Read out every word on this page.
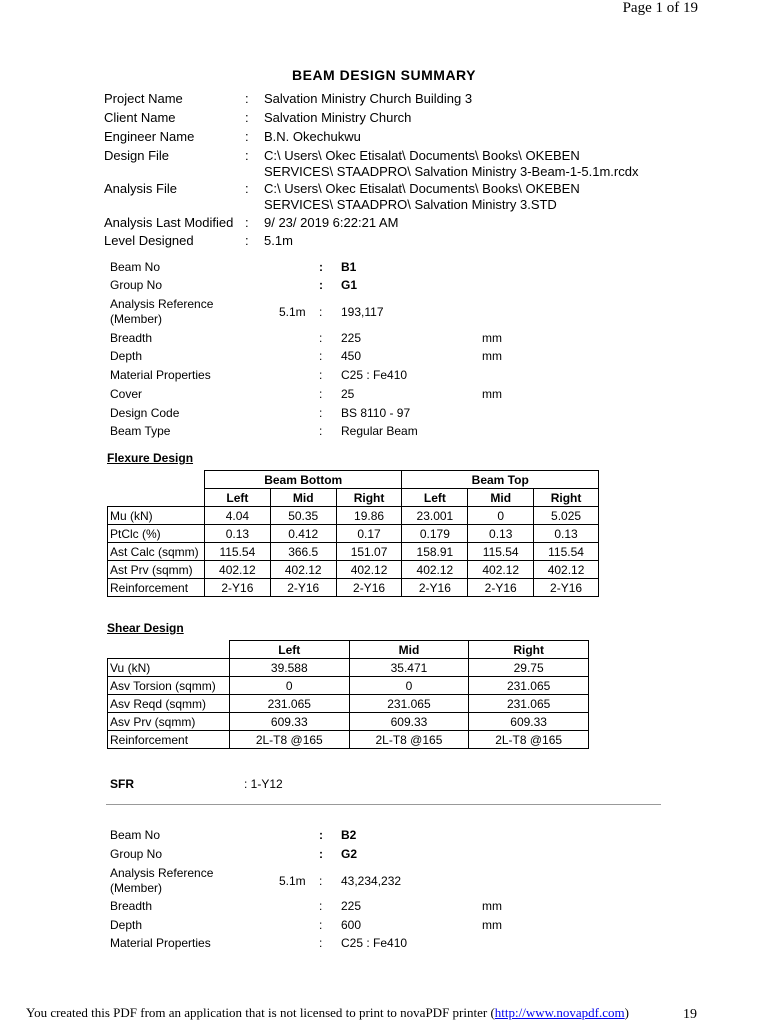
Page 1 of 19
BEAM DESIGN SUMMARY
Project Name	: Salvation Ministry Church Building 3
Client Name	: Salvation Ministry Church
Engineer Name	: B.N. Okechukwu
Design File	: C:\ Users\ Okec Etisalat\ Documents\ Books\ OKEBEN
SERVICES\ STAADPRO\ Salvation Ministry 3-Beam-1-5.1m.rcdx
Analysis File	: C:\ Users\ Okec Etisalat\ Documents\ Books\ OKEBEN
SERVICES\ STAADPRO\ Salvation Ministry 3.STD
Analysis Last Modified : 9/ 23/ 2019 6:22:21 AM
Level Designed	: 5.1m
Beam No	: B1
Group No	: G1
Analysis Reference
(Member)	5.1m : 193,117
Breadth	: 225	mm
Depth	: 450	mm
Material Properties	: C25 : Fe410
Cover	: 25	mm
Design Code	: BS 8110 - 97
Beam Type	: Regular Beam
Flexure Design
	Beam Bottom			Beam Top		
	Left	Mid	Right	Left	Mid	Right
Mu (kN)	4.04	50.35	19.86	23.001	0	5.025
PtClc (%)	0.13	0.412	0.17	0.179	0.13	0.13
Ast Calc (sqmm)	115.54	366.5	151.07	158.91	115.54	115.54
Ast Prv (sqmm)	402.12	402.12	402.12	402.12	402.12	402.12
Reinforcement	2-Y16	2-Y16	2-Y16	2-Y16	2-Y16	2-Y16
Shear Design
	Left	Mid	Right
Vu (kN)	39.588	35.471	29.75
Asv Torsion (sqmm)	0	0	231.065
Asv Reqd (sqmm)	231.065	231.065	231.065
Asv Prv (sqmm)	609.33	609.33	609.33
Reinforcement	2L-T8 @165	2L-T8 @165	2L-T8 @165
SFR	: 1-Y12
Beam No	: B2
Group No	: G2
Analysis Reference
(Member)	5.1m : 43,234,232
Breadth	: 225	mm
Depth	: 600	mm
Material Properties	: C25 : Fe410
You created this PDF from an application that is not licensed to print to novaPDF printer (http://www.novapdf.com)	19
